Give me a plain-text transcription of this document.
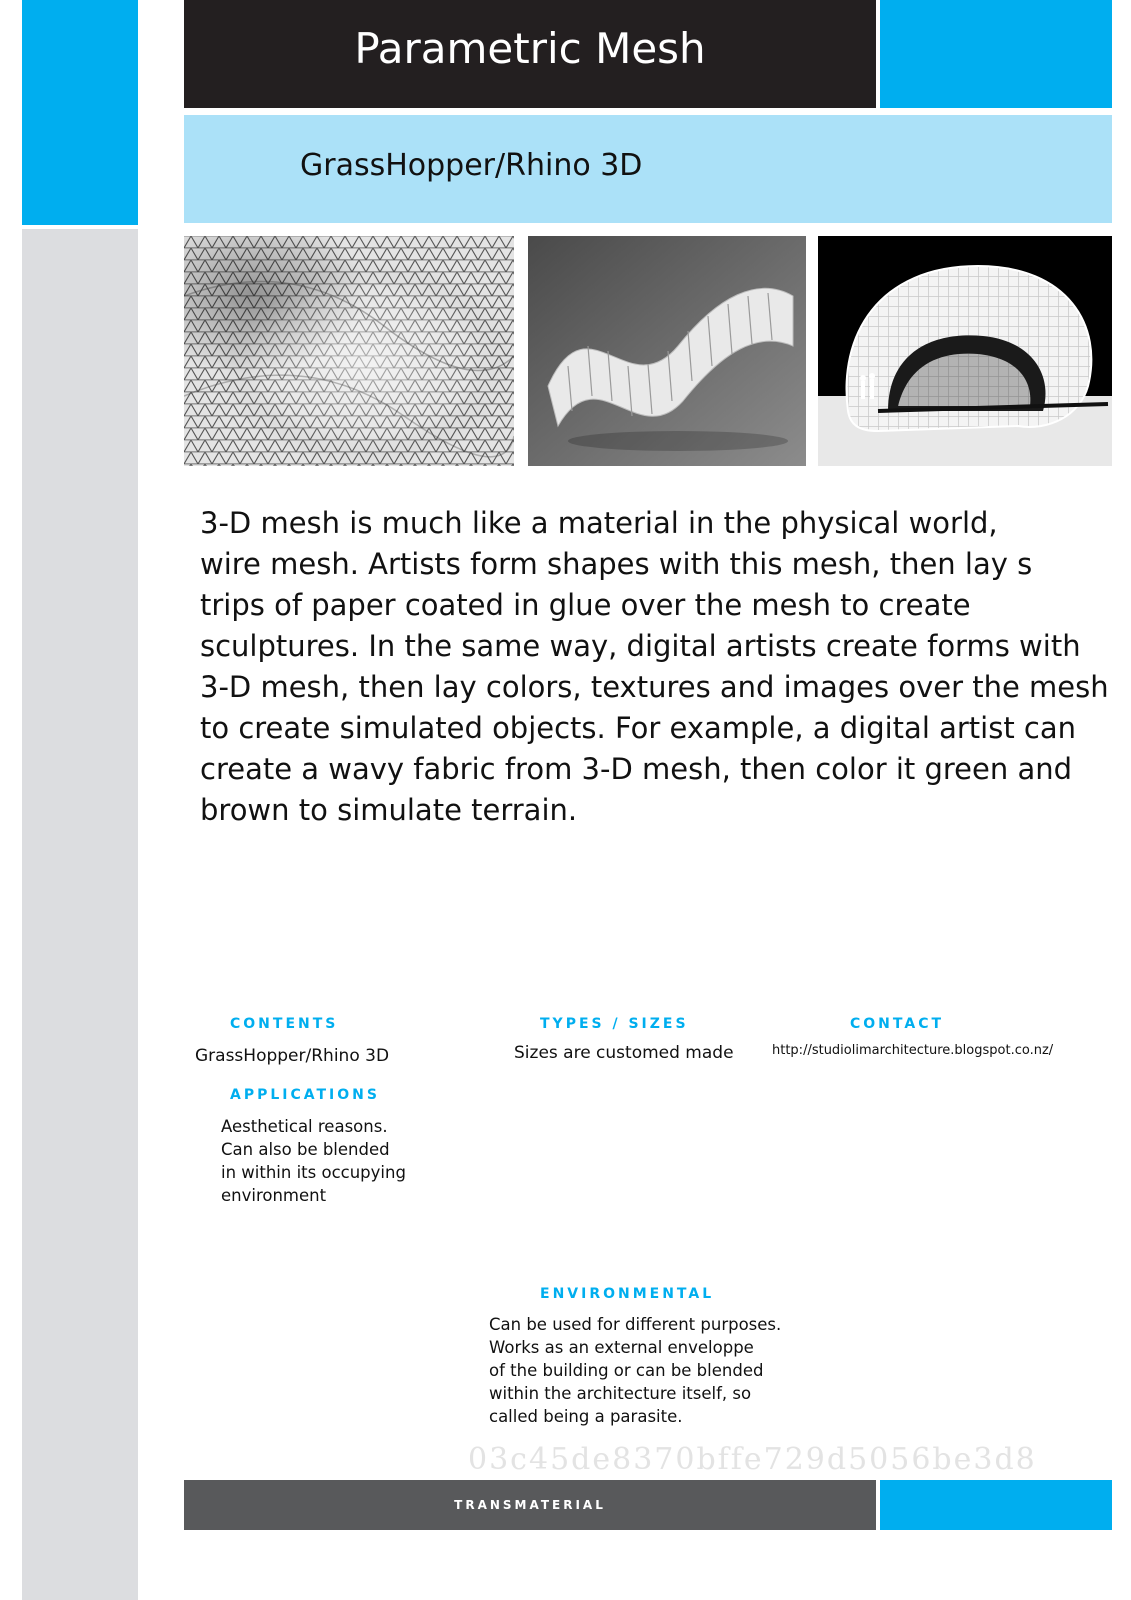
Parametric Mesh
GrassHopper/Rhino 3D
3-D mesh is much like a material in the physical world,
wire mesh. Artists form shapes with this mesh, then lay s
trips of paper coated in glue over the mesh to create
sculptures. In the same way, digital artists create forms with
3-D mesh, then lay colors, textures and images over the mesh
to create simulated objects. For example, a digital artist can
create a wavy fabric from 3-D mesh, then color it green and
brown to simulate terrain.
CONTENTS
GrassHopper/Rhino 3D
TYPES / SIZES
Sizes are customed made
CONTACT
http://studiolimarchitecture.blogspot.co.nz/
APPLICATIONS
Aesthetical reasons.
Can also be blended
in within its occupying
environment
ENVIRONMENTAL
Can be used for different purposes.
Works as an external enveloppe
of the building or can be blended
within the architecture itself, so
called being a parasite.
03c45de8370bffe729d5056be3d8
TRANSMATERIAL
